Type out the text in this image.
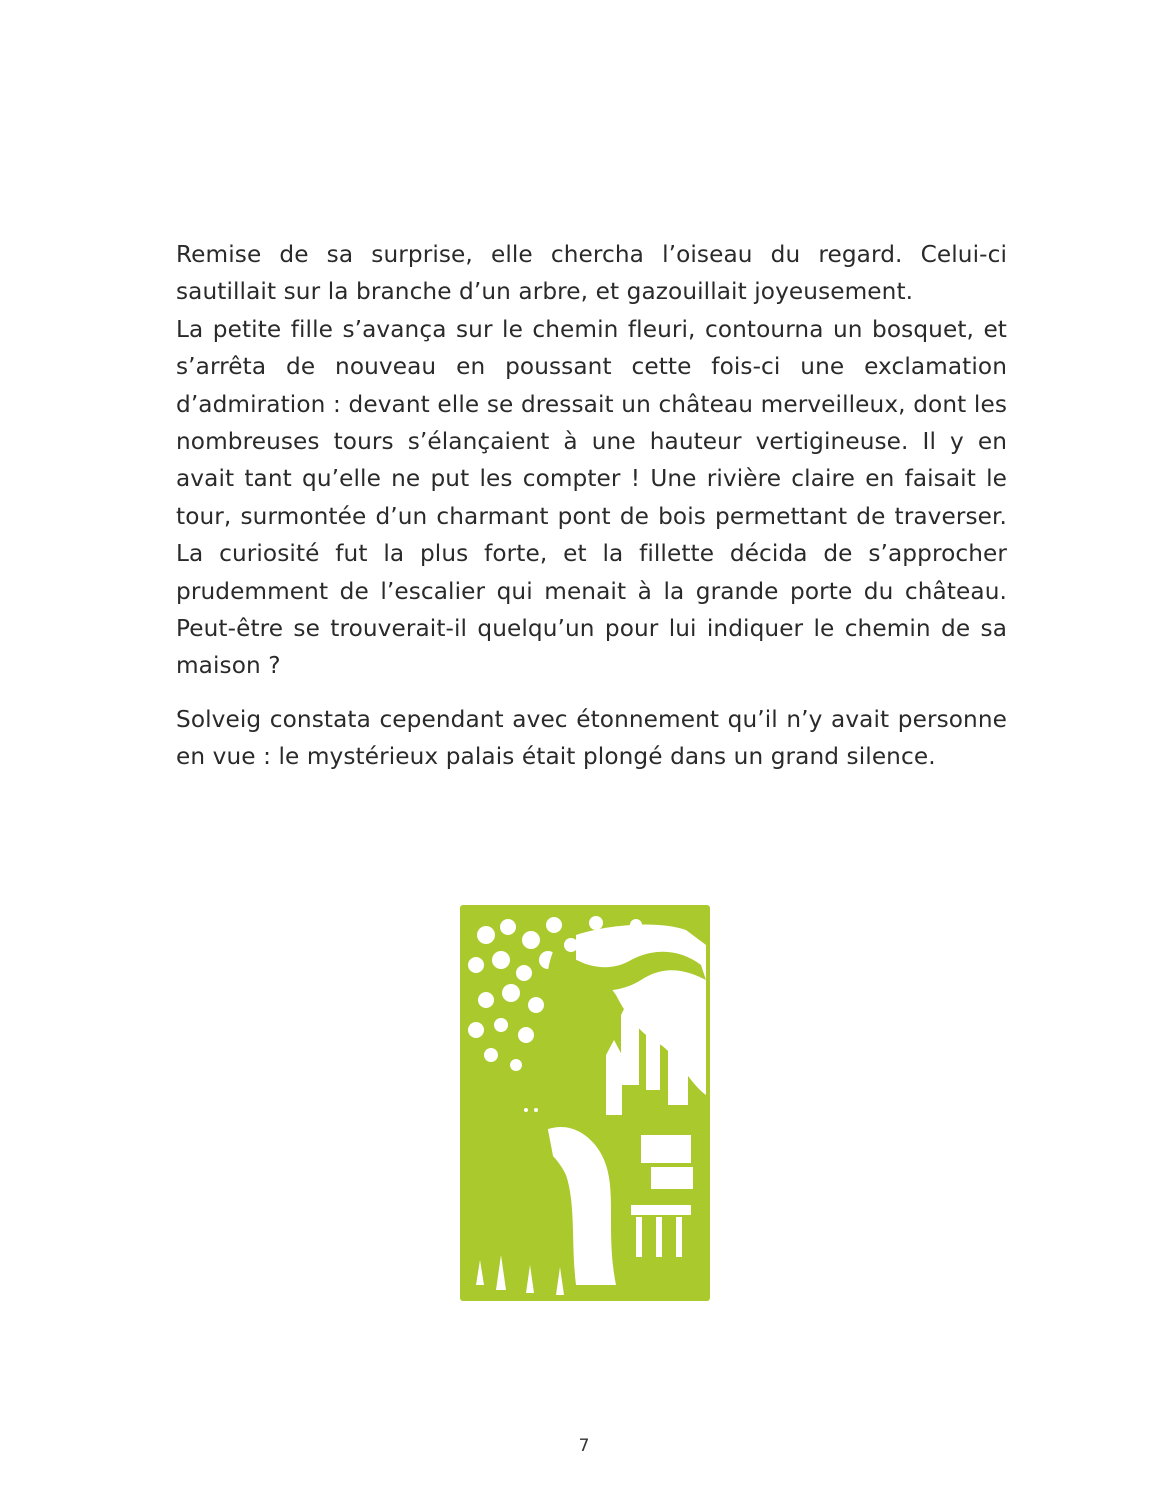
Remise de sa surprise, elle chercha l’oiseau du regard. Celui-ci sautillait sur la branche d’un arbre, et gazouillait joyeusement.

La petite fille s’avança sur le chemin fleuri, contourna un bosquet, et s’arrêta de nouveau en poussant cette fois-ci une exclamation d’admiration : devant elle se dressait un château merveilleux, dont les nombreuses tours s’élançaient à une hauteur vertigineuse. Il y en avait tant qu’elle ne put les compter ! Une rivière claire en faisait le tour, surmontée d’un charmant pont de bois permettant de traverser. La curiosité fut la plus forte, et la fillette décida de s’approcher prudemment de l’escalier qui menait à la grande porte du château. Peut-être se trouverait-il quelqu’un pour lui indiquer le chemin de sa maison ?

Solveig constata cependant avec étonnement qu’il n’y avait personne en vue : le mystérieux palais était plongé dans un grand silence.

7
